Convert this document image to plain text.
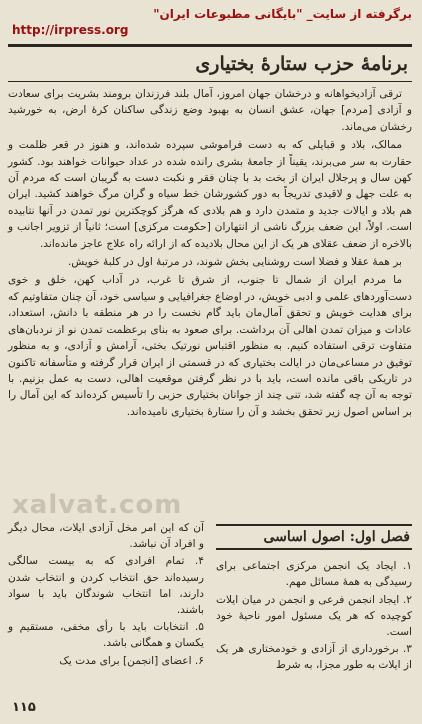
برگرفته از سایت_ "بایگانی مطبوعات ایران"
http://irpress.org
برنامۀ حزب ستارۀ بختیاری

ترقی آزادیخواهانه و درخشان جهان امروز، آمال بلند فرزندان برومند بشریت برای سعادت و آزادی [مردم] جهان، عشق انسان به بهبود وضع زندگی ساکنان کرۀ ارض، به خورشید رخشان می‌ماند.

ممالک، بلاد و قبایلی که به دست فراموشی سپرده شده‌اند، و هنوز در قعر ظلمت و حقارت به سر می‌برند، یقیناً از جامعۀ بشری رانده شده در عداد حیوانات خواهند بود. کشور کهن سال و پرجلال ایران از بخت بد با چنان فقر و نکبت دست به گریبان است که مردم آن به علت جهل و لاقیدی تدریجاً به دور کشورشان خط سیاه و گران مرگ خواهند کشید. ایران هم بلاد و ایالات جدید و متمدن دارد و هم بلادی که هرگز کوچکترین نور تمدن در آنها نتابیده است. اولاً، این ضعف بزرگ ناشی از انتهاران [حکومت مرکزی] است؛ ثانیاً از تزویر اجانب و بالاخره از ضعف عقلای هر یک از این محال بلادیده که از ارائه راه علاج عاجز مانده‌اند.

بر همۀ عقلا و فضلا است روشنایی بخش شوند، در مرتبۀ اول در کلبۀ خویش.

ما مردم ایران از شمال تا جنوب، از شرق تا غرب، در آداب کهن، خلق و خوی دست‌آوردهای علمی و ادبی خویش، در اوضاع جغرافیایی و سیاسی خود، آن چنان متفاوتیم که برای هدایت خویش و تحقق آمال‌مان باید گام نخست را در هر منطقه با دانش، استعداد، عادات و میزان تمدن اهالی آن برداشت. برای صعود به بنای برعظمت تمدن نو از نردبان‌های متفاوت ترقی استفاده کنیم. به منظور اقتباس نورتیک بختی، آرامش و آزادی، و به منظور توفیق در مساعی‌مان در ایالت بختیاری که در قسمتی از ایران قرار گرفته و متأسفانه تاکنون در تاریکی باقی مانده است، باید با در نظر گرفتن موقعیت اهالی، دست به عمل بزنیم. با توجه به آن چه گفته شد، تنی چند از جوانان بختیاری حزبی را تأسیس کرده‌اند که این آمال را بر اساس اصول زیر تحقق بخشد و آن را ستارۀ بختیاری نامیده‌اند.

xalvat.com
فصل اول: اصول اساسی

۱. ایجاد یک انجمن مرکزی اجتماعی برای رسیدگی به همۀ مسائل مهم.

۲. ایجاد انجمن فرعی و انجمن در میان ایلات کوچیده که هر یک مسئول امور ناحیۀ خود است.

۳. برخورداری از آزادی و خودمختاری هر یک از ایلات به طور مجزا، به شرط

آن که این امر مخل آزادی ایلات، محال دیگر و افراد آن نباشد.

۴. تمام افرادی که به بیست سالگی رسیده‌اند حق انتخاب کردن و انتخاب شدن دارند، اما انتخاب شوندگان باید با سواد باشند.

۵. انتخابات باید با رأی مخفی، مستقیم و یکسان و همگانی باشد.

۶. اعضای [انجمن] برای مدت یک

۱۱۵
